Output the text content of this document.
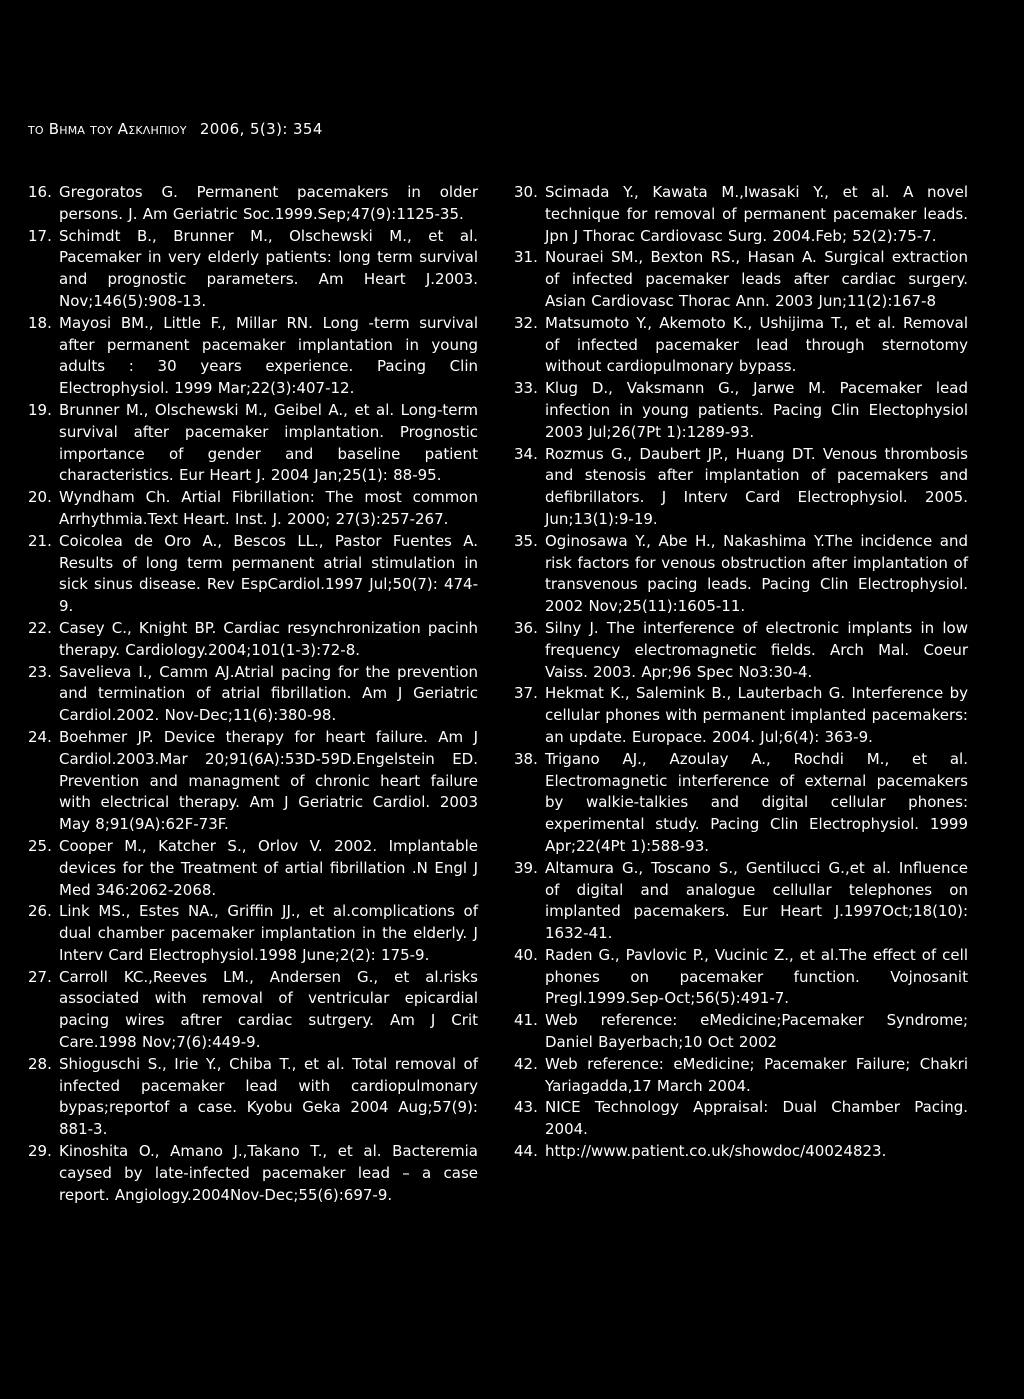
το Βημα του Ασκληπιου 2006, 5(3): 354
16. Gregoratos G. Permanent pacemakers in older persons. J. Am Geriatric Soc.1999.Sep;47(9):1125-35.
17. Schimdt B., Brunner M., Olschewski M., et al. Pacemaker in very elderly patients: long term survival and prognostic parameters. Am Heart J.2003. Nov;146(5):908-13.
18. Mayosi BM., Little F., Millar RN. Long -term survival after permanent pacemaker implantation in young adults : 30 years experience. Pacing Clin Electrophysiol. 1999 Mar;22(3):407-12.
19. Brunner M., Olschewski M., Geibel A., et al. Long-term survival after pacemaker implantation. Prognostic importance of gender and baseline patient characteristics. Eur Heart J. 2004 Jan;25(1): 88-95.
20. Wyndham Ch. Artial Fibrillation: The most common Arrhythmia.Text Heart. Inst. J. 2000; 27(3):257-267.
21. Coicolea de Oro A., Bescos LL., Pastor Fuentes A. Results of long term permanent atrial stimulation in sick sinus disease. Rev EspCardiol.1997 Jul;50(7): 474-9.
22. Casey C., Knight BP. Cardiac resynchronization pacinh therapy. Cardiology.2004;101(1-3):72-8.
23. Savelieva I., Camm AJ.Atrial pacing for the prevention and termination of atrial fibrillation. Am J Geriatric Cardiol.2002. Nov-Dec;11(6):380-98.
24. Boehmer JP. Device therapy for heart failure. Am J Cardiol.2003.Mar 20;91(6A):53D-59D.Engelstein ED. Prevention and managment of chronic heart failure with electrical therapy. Am J Geriatric Cardiol. 2003 May 8;91(9A):62F-73F.
25. Cooper M., Katcher S., Orlov V. 2002. Implantable devices for the Treatment of artial fibrillation .N Engl J Med 346:2062-2068.
26. Link MS., Estes NA., Griffin JJ., et al.complications of dual chamber pacemaker implantation in the elderly. J Interv Card Electrophysiol.1998 June;2(2): 175-9.
27. Carroll KC.,Reeves LM., Andersen G., et al.risks associated with removal of ventricular epicardial pacing wires aftrer cardiac sutrgery. Am J Crit Care.1998 Nov;7(6):449-9.
28. Shioguschi S., Irie Y., Chiba T., et al. Total removal of infected pacemaker lead with cardiopulmonary bypas;reportof a case. Kyobu Geka 2004 Aug;57(9): 881-3.
29. Kinoshita O., Amano J.,Takano T., et al. Bacteremia caysed by late-infected pacemaker lead – a case report. Angiology.2004Nov-Dec;55(6):697-9.
30. Scimada Y., Kawata M.,Iwasaki Y., et al. A novel technique for removal of permanent pacemaker leads. Jpn J Thorac Cardiovasc Surg. 2004.Feb; 52(2):75-7.
31. Nouraei SM., Bexton RS., Hasan A. Surgical extraction of infected pacemaker leads after cardiac surgery. Asian Cardiovasc Thorac Ann. 2003 Jun;11(2):167-8
32. Matsumoto Y., Akemoto K., Ushijima T., et al. Removal of infected pacemaker lead through sternotomy without cardiopulmonary bypass.
33. Klug D., Vaksmann G., Jarwe M. Pacemaker lead infection in young patients. Pacing Clin Electophysiol 2003 Jul;26(7Pt 1):1289-93.
34. Rozmus G., Daubert JP., Huang DT. Venous thrombosis and stenosis after implantation of pacemakers and defibrillators. J Interv Card Electrophysiol. 2005. Jun;13(1):9-19.
35. Oginosawa Y., Abe H., Nakashima Y.The incidence and risk factors for venous obstruction after implantation of transvenous pacing leads. Pacing Clin Electrophysiol. 2002 Nov;25(11):1605-11.
36. Silny J. The interference of electronic implants in low frequency electromagnetic fields. Arch Mal. Coeur Vaiss. 2003. Apr;96 Spec No3:30-4.
37. Hekmat K., Salemink B., Lauterbach G. Interference by cellular phones with permanent implanted pacemakers: an update. Europace. 2004. Jul;6(4): 363-9.
38. Trigano AJ., Azoulay A., Rochdi M., et al. Electromagnetic interference of external pacemakers by walkie-talkies and digital cellular phones: experimental study. Pacing Clin Electrophysiol. 1999 Apr;22(4Pt 1):588-93.
39. Altamura G., Toscano S., Gentilucci G.,et al. Influence of digital and analogue cellullar telephones on implanted pacemakers. Eur Heart J.1997Oct;18(10): 1632-41.
40. Raden G., Pavlovic P., Vucinic Z., et al.The effect of cell phones on pacemaker function. Vojnosanit Pregl.1999.Sep-Oct;56(5):491-7.
41. Web reference: eMedicine;Pacemaker Syndrome; Daniel Bayerbach;10 Oct 2002
42. Web reference: eMedicine; Pacemaker Failure; Chakri Yariagadda,17 March 2004.
43. NICE Technology Appraisal: Dual Chamber Pacing. 2004.
44. http://www.patient.co.uk/showdoc/40024823.
